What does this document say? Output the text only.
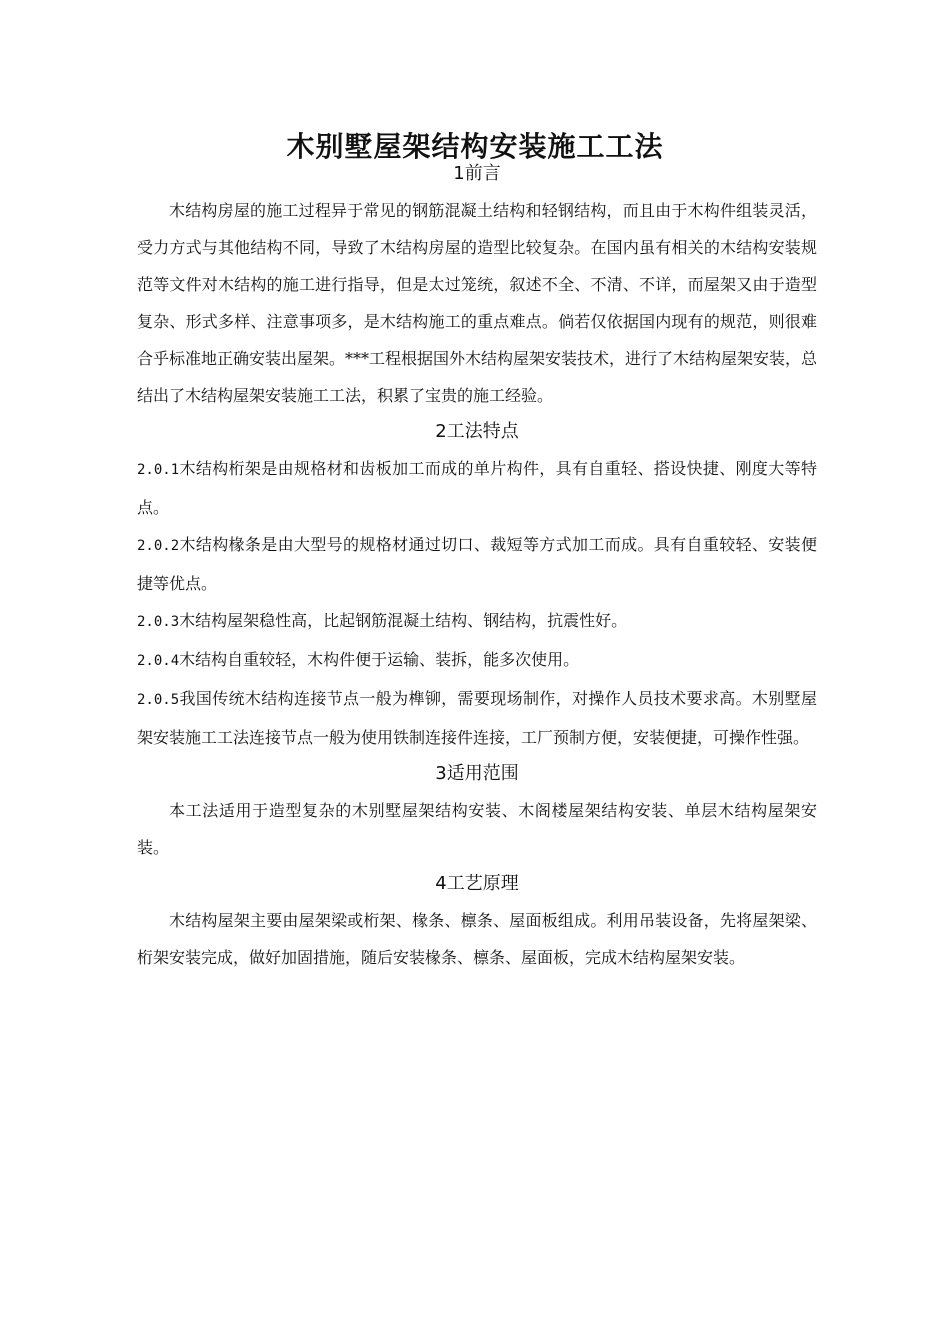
木别墅屋架结构安装施工工法
1前言

木结构房屋的施工过程异于常见的钢筋混凝土结构和轻钢结构，而且由于木构件组装灵活，受力方式与其他结构不同，导致了木结构房屋的造型比较复杂。在国内虽有相关的木结构安装规范等文件对木结构的施工进行指导，但是太过笼统，叙述不全、不清、不详，而屋架又由于造型复杂、形式多样、注意事项多，是木结构施工的重点难点。倘若仅依据国内现有的规范，则很难合乎标准地正确安装出屋架。***工程根据国外木结构屋架安装技术，进行了木结构屋架安装，总结出了木结构屋架安装施工工法，积累了宝贵的施工经验。

2工法特点

2.0.1木结构桁架是由规格材和齿板加工而成的单片构件，具有自重轻、搭设快捷、刚度大等特点。

2.0.2木结构椽条是由大型号的规格材通过切口、裁短等方式加工而成。具有自重较轻、安装便捷等优点。

2.0.3木结构屋架稳性高，比起钢筋混凝土结构、钢结构，抗震性好。

2.0.4木结构自重较轻，木构件便于运输、装拆，能多次使用。

2.0.5我国传统木结构连接节点一般为榫铆，需要现场制作，对操作人员技术要求高。木别墅屋架安装施工工法连接节点一般为使用铁制连接件连接，工厂预制方便，安装便捷，可操作性强。

3适用范围

本工法适用于造型复杂的木别墅屋架结构安装、木阁楼屋架结构安装、单层木结构屋架安装。

4工艺原理

木结构屋架主要由屋架梁或桁架、椽条、檩条、屋面板组成。利用吊装设备，先将屋架梁、桁架安装完成，做好加固措施，随后安装椽条、檩条、屋面板，完成木结构屋架安装。
